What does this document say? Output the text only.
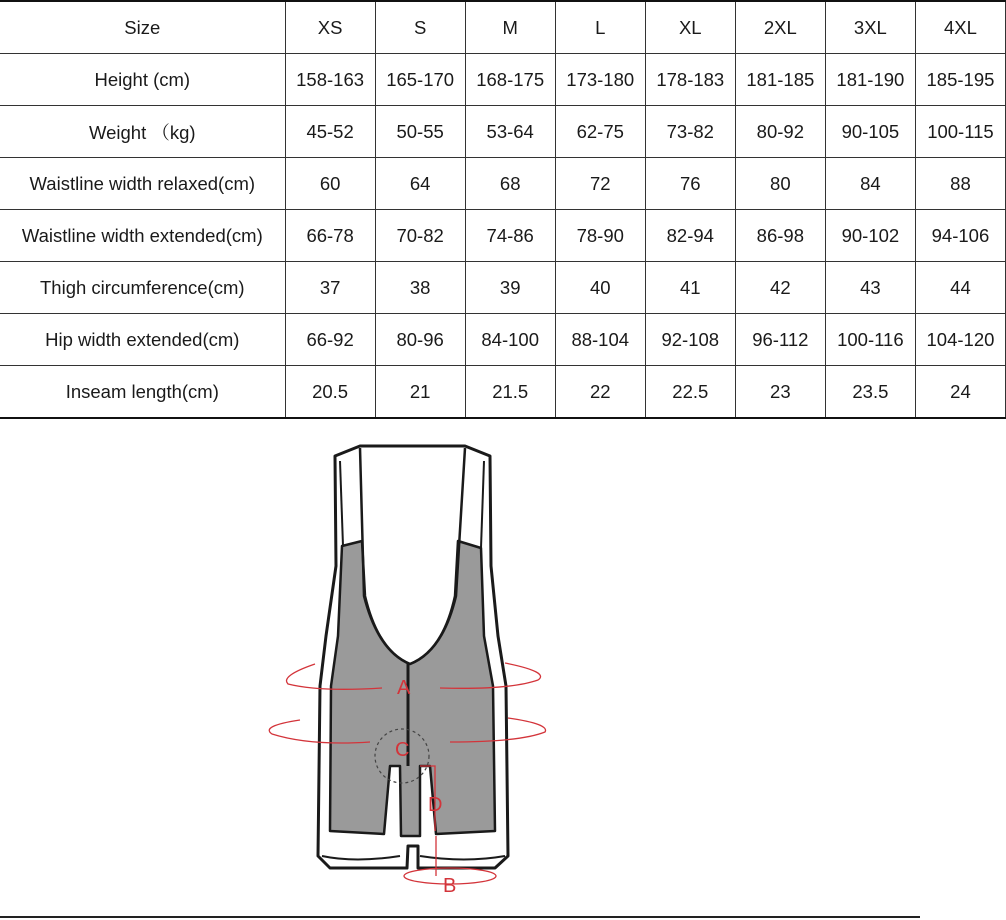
Size	XS	S	M	L	XL	2XL	3XL	4XL
Height (cm)	158-163	165-170	168-175	173-180	178-183	181-185	181-190	185-195
Weight （kg)	45-52	50-55	53-64	62-75	73-82	80-92	90-105	100-115
Waistline width relaxed(cm)	60	64	68	72	76	80	84	88
Waistline width extended(cm)	66-78	70-82	74-86	78-90	82-94	86-98	90-102	94-106
Thigh circumference(cm)	37	38	39	40	41	42	43	44
Hip width extended(cm)	66-92	80-96	84-100	88-104	92-108	96-112	100-116	104-120
Inseam length(cm)	20.5	21	21.5	22	22.5	23	23.5	24
A
C
D
B
